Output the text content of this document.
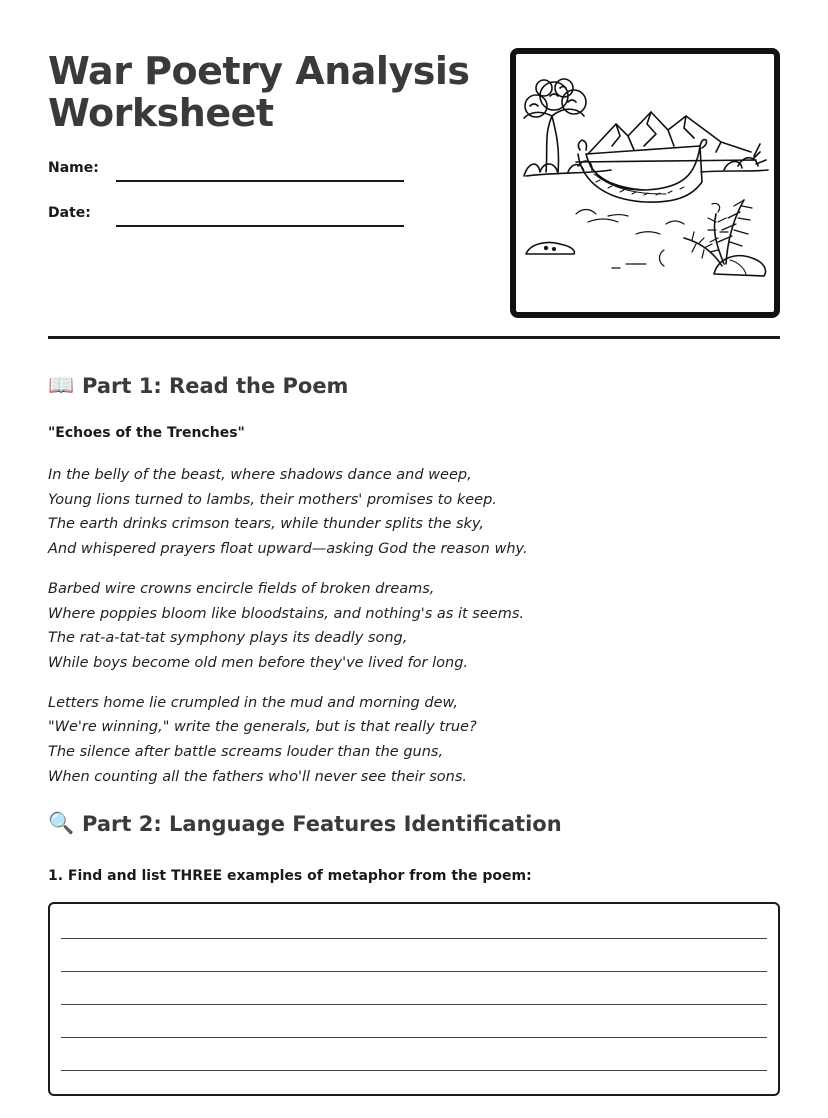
War Poetry Analysis Worksheet
Name:
Date:
📖 Part 1: Read the Poem
"Echoes of the Trenches"
In the belly of the beast, where shadows dance and weep,
Young lions turned to lambs, their mothers' promises to keep.
The earth drinks crimson tears, while thunder splits the sky,
And whispered prayers float upward—asking God the reason why.
Barbed wire crowns encircle fields of broken dreams,
Where poppies bloom like bloodstains, and nothing's as it seems.
The rat-a-tat-tat symphony plays its deadly song,
While boys become old men before they've lived for long.
Letters home lie crumpled in the mud and morning dew,
"We're winning," write the generals, but is that really true?
The silence after battle screams louder than the guns,
When counting all the fathers who'll never see their sons.
🔍 Part 2: Language Features Identification
1. Find and list THREE examples of metaphor from the poem:
